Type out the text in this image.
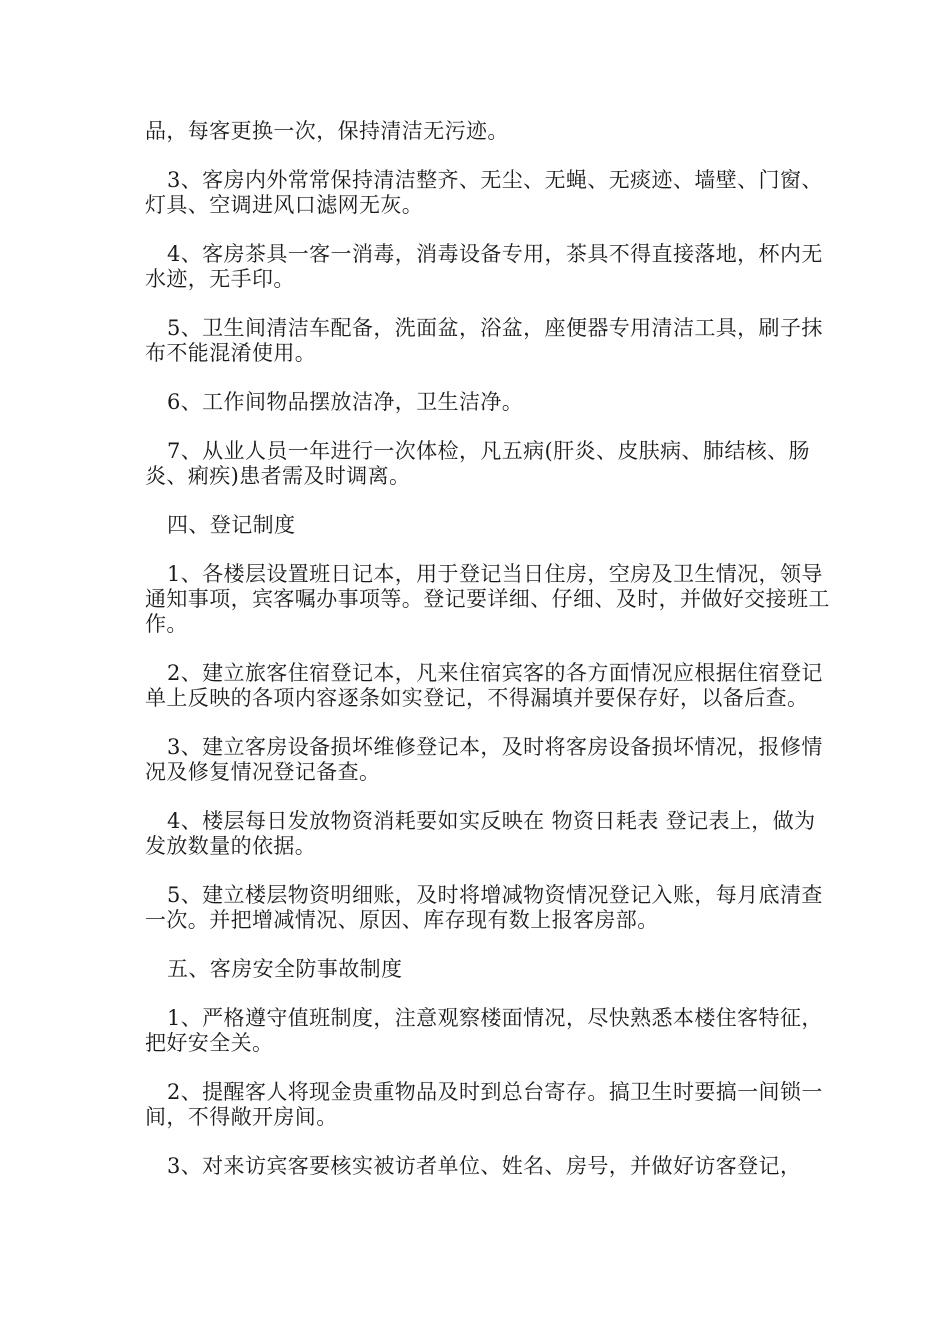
品，每客更换一次，保持清洁无污迹。

3、客房内外常常保持清洁整齐、无尘、无蝇、无痰迹、墙壁、门窗、灯具、空调进风口滤网无灰。

4、客房茶具一客一消毒，消毒设备专用，茶具不得直接落地，杯内无水迹，无手印。

5、卫生间清洁车配备，洗面盆，浴盆，座便器专用清洁工具，刷子抹布不能混淆使用。

6、工作间物品摆放洁净，卫生洁净。

7、从业人员一年进行一次体检，凡五病(肝炎、皮肤病、肺结核、肠炎、痢疾)患者需及时调离。

四、登记制度

1、各楼层设置班日记本，用于登记当日住房，空房及卫生情况，领导通知事项，宾客嘱办事项等。登记要详细、仔细、及时，并做好交接班工作。

2、建立旅客住宿登记本，凡来住宿宾客的各方面情况应根据住宿登记单上反映的各项内容逐条如实登记，不得漏填并要保存好，以备后查。

3、建立客房设备损坏维修登记本，及时将客房设备损坏情况，报修情况及修复情况登记备查。

4、楼层每日发放物资消耗要如实反映在 物资日耗表 登记表上，做为发放数量的依据。

5、建立楼层物资明细账，及时将增减物资情况登记入账，每月底清查一次。并把增减情况、原因、库存现有数上报客房部。

五、客房安全防事故制度

1、严格遵守值班制度，注意观察楼面情况，尽快熟悉本楼住客特征，把好安全关。

2、提醒客人将现金贵重物品及时到总台寄存。搞卫生时要搞一间锁一间，不得敞开房间。

3、对来访宾客要核实被访者单位、姓名、房号，并做好访客登记，
